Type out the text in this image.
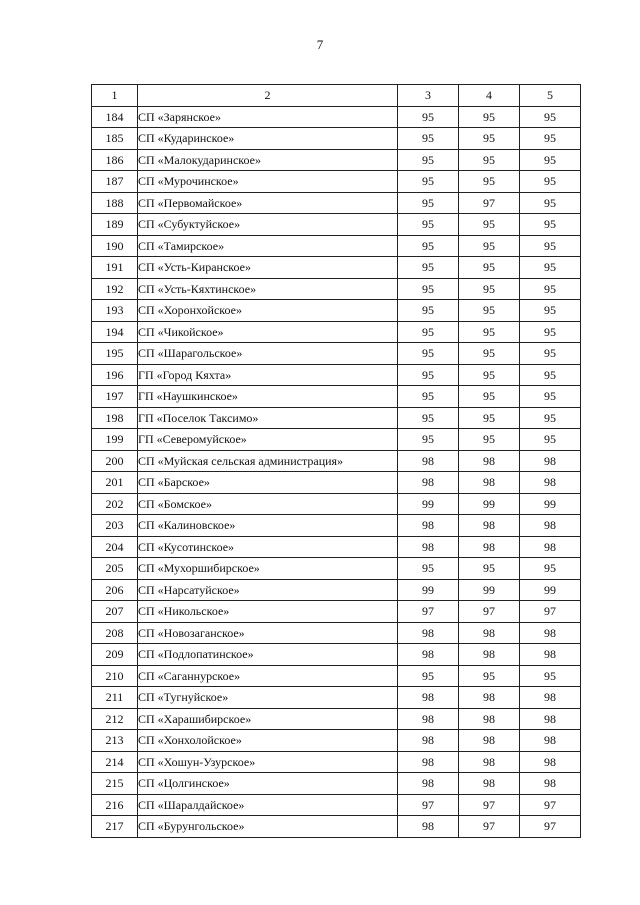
7
1	2	3	4	5
184	СП «Зарянское»	95	95	95
185	СП «Кударинское»	95	95	95
186	СП «Малокударинское»	95	95	95
187	СП «Мурочинское»	95	95	95
188	СП «Первомайское»	95	97	95
189	СП «Субуктуйское»	95	95	95
190	СП «Тамирское»	95	95	95
191	СП «Усть-Киранское»	95	95	95
192	СП «Усть-Кяхтинское»	95	95	95
193	СП «Хоронхойское»	95	95	95
194	СП «Чикойское»	95	95	95
195	СП «Шарагольское»	95	95	95
196	ГП «Город Кяхта»	95	95	95
197	ГП «Наушкинское»	95	95	95
198	ГП «Поселок Таксимо»	95	95	95
199	ГП «Северомуйское»	95	95	95
200	СП «Муйская сельская администрация»	98	98	98
201	СП «Барское»	98	98	98
202	СП «Бомское»	99	99	99
203	СП «Калиновское»	98	98	98
204	СП «Кусотинское»	98	98	98
205	СП «Мухоршибирское»	95	95	95
206	СП «Нарсатуйское»	99	99	99
207	СП «Никольское»	97	97	97
208	СП «Новозаганское»	98	98	98
209	СП «Подлопатинское»	98	98	98
210	СП «Саганнурское»	95	95	95
211	СП «Тугнуйское»	98	98	98
212	СП «Харашибирское»	98	98	98
213	СП «Хонхолойское»	98	98	98
214	СП «Хошун-Узурское»	98	98	98
215	СП «Цолгинское»	98	98	98
216	СП «Шаралдайское»	97	97	97
217	СП «Бурунгольское»	98	97	97
